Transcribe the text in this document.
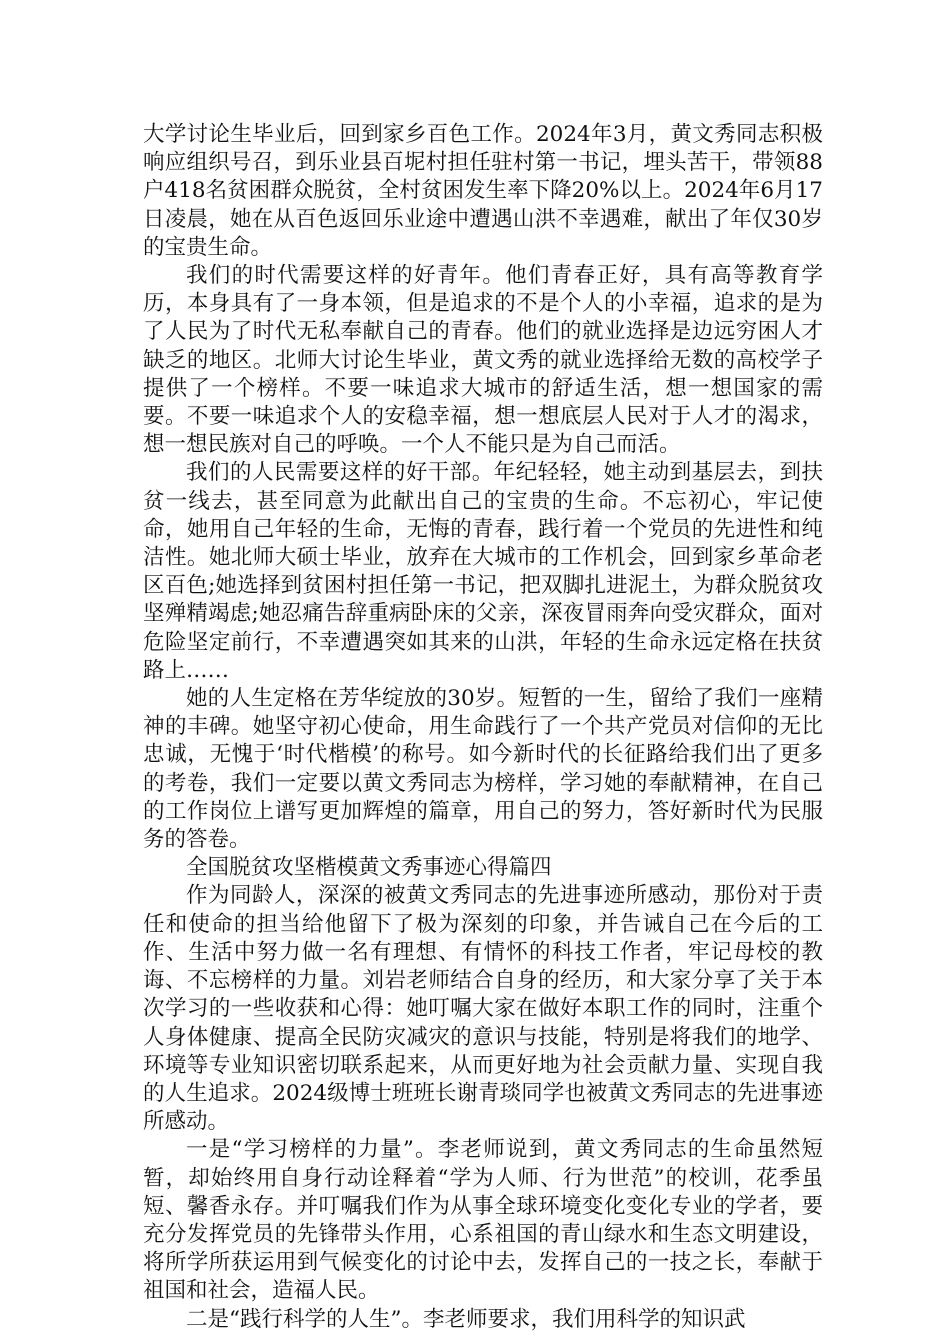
大学讨论生毕业后，回到家乡百色工作。2024年3月，黄文秀同志积极响应组织号召，到乐业县百坭村担任驻村第一书记，埋头苦干，带领88户418名贫困群众脱贫，全村贫困发生率下降20%以上。2024年6月17日凌晨，她在从百色返回乐业途中遭遇山洪不幸遇难，献出了年仅30岁的宝贵生命。

我们的时代需要这样的好青年。他们青春正好，具有高等教育学历，本身具有了一身本领，但是追求的不是个人的小幸福，追求的是为了人民为了时代无私奉献自己的青春。他们的就业选择是边远穷困人才缺乏的地区。北师大讨论生毕业，黄文秀的就业选择给无数的高校学子提供了一个榜样。不要一味追求大城市的舒适生活，想一想国家的需要。不要一味追求个人的安稳幸福，想一想底层人民对于人才的渴求，想一想民族对自己的呼唤。一个人不能只是为自己而活。

我们的人民需要这样的好干部。年纪轻轻，她主动到基层去，到扶贫一线去，甚至同意为此献出自己的宝贵的生命。不忘初心，牢记使命，她用自己年轻的生命，无悔的青春，践行着一个党员的先进性和纯洁性。她北师大硕士毕业，放弃在大城市的工作机会，回到家乡革命老区百色;她选择到贫困村担任第一书记，把双脚扎进泥土，为群众脱贫攻坚殚精竭虑;她忍痛告辞重病卧床的父亲，深夜冒雨奔向受灾群众，面对危险坚定前行，不幸遭遇突如其来的山洪，年轻的生命永远定格在扶贫路上……

她的人生定格在芳华绽放的30岁。短暂的一生，留给了我们一座精神的丰碑。她坚守初心使命，用生命践行了一个共产党员对信仰的无比忠诚，无愧于‘时代楷模’的称号。如今新时代的长征路给我们出了更多的考卷，我们一定要以黄文秀同志为榜样，学习她的奉献精神，在自己的工作岗位上谱写更加辉煌的篇章，用自己的努力，答好新时代为民服务的答卷。

全国脱贫攻坚楷模黄文秀事迹心得篇四

作为同龄人，深深的被黄文秀同志的先进事迹所感动，那份对于责任和使命的担当给他留下了极为深刻的印象，并告诫自己在今后的工作、生活中努力做一名有理想、有情怀的科技工作者，牢记母校的教诲、不忘榜样的力量。刘岩老师结合自身的经历，和大家分享了关于本次学习的一些收获和心得：她叮嘱大家在做好本职工作的同时，注重个人身体健康、提高全民防灾减灾的意识与技能，特别是将我们的地学、环境等专业知识密切联系起来，从而更好地为社会贡献力量、实现自我的人生追求。2024级博士班班长谢青琰同学也被黄文秀同志的先进事迹所感动。

一是“学习榜样的力量”。李老师说到，黄文秀同志的生命虽然短暂，却始终用自身行动诠释着“学为人师、行为世范”的校训，花季虽短、馨香永存。并叮嘱我们作为从事全球环境变化变化专业的学者，要充分发挥党员的先锋带头作用，心系祖国的青山绿水和生态文明建设，将所学所获运用到气候变化的讨论中去，发挥自己的一技之长，奉献于祖国和社会，造福人民。

二是“践行科学的人生”。李老师要求，我们用科学的知识武
